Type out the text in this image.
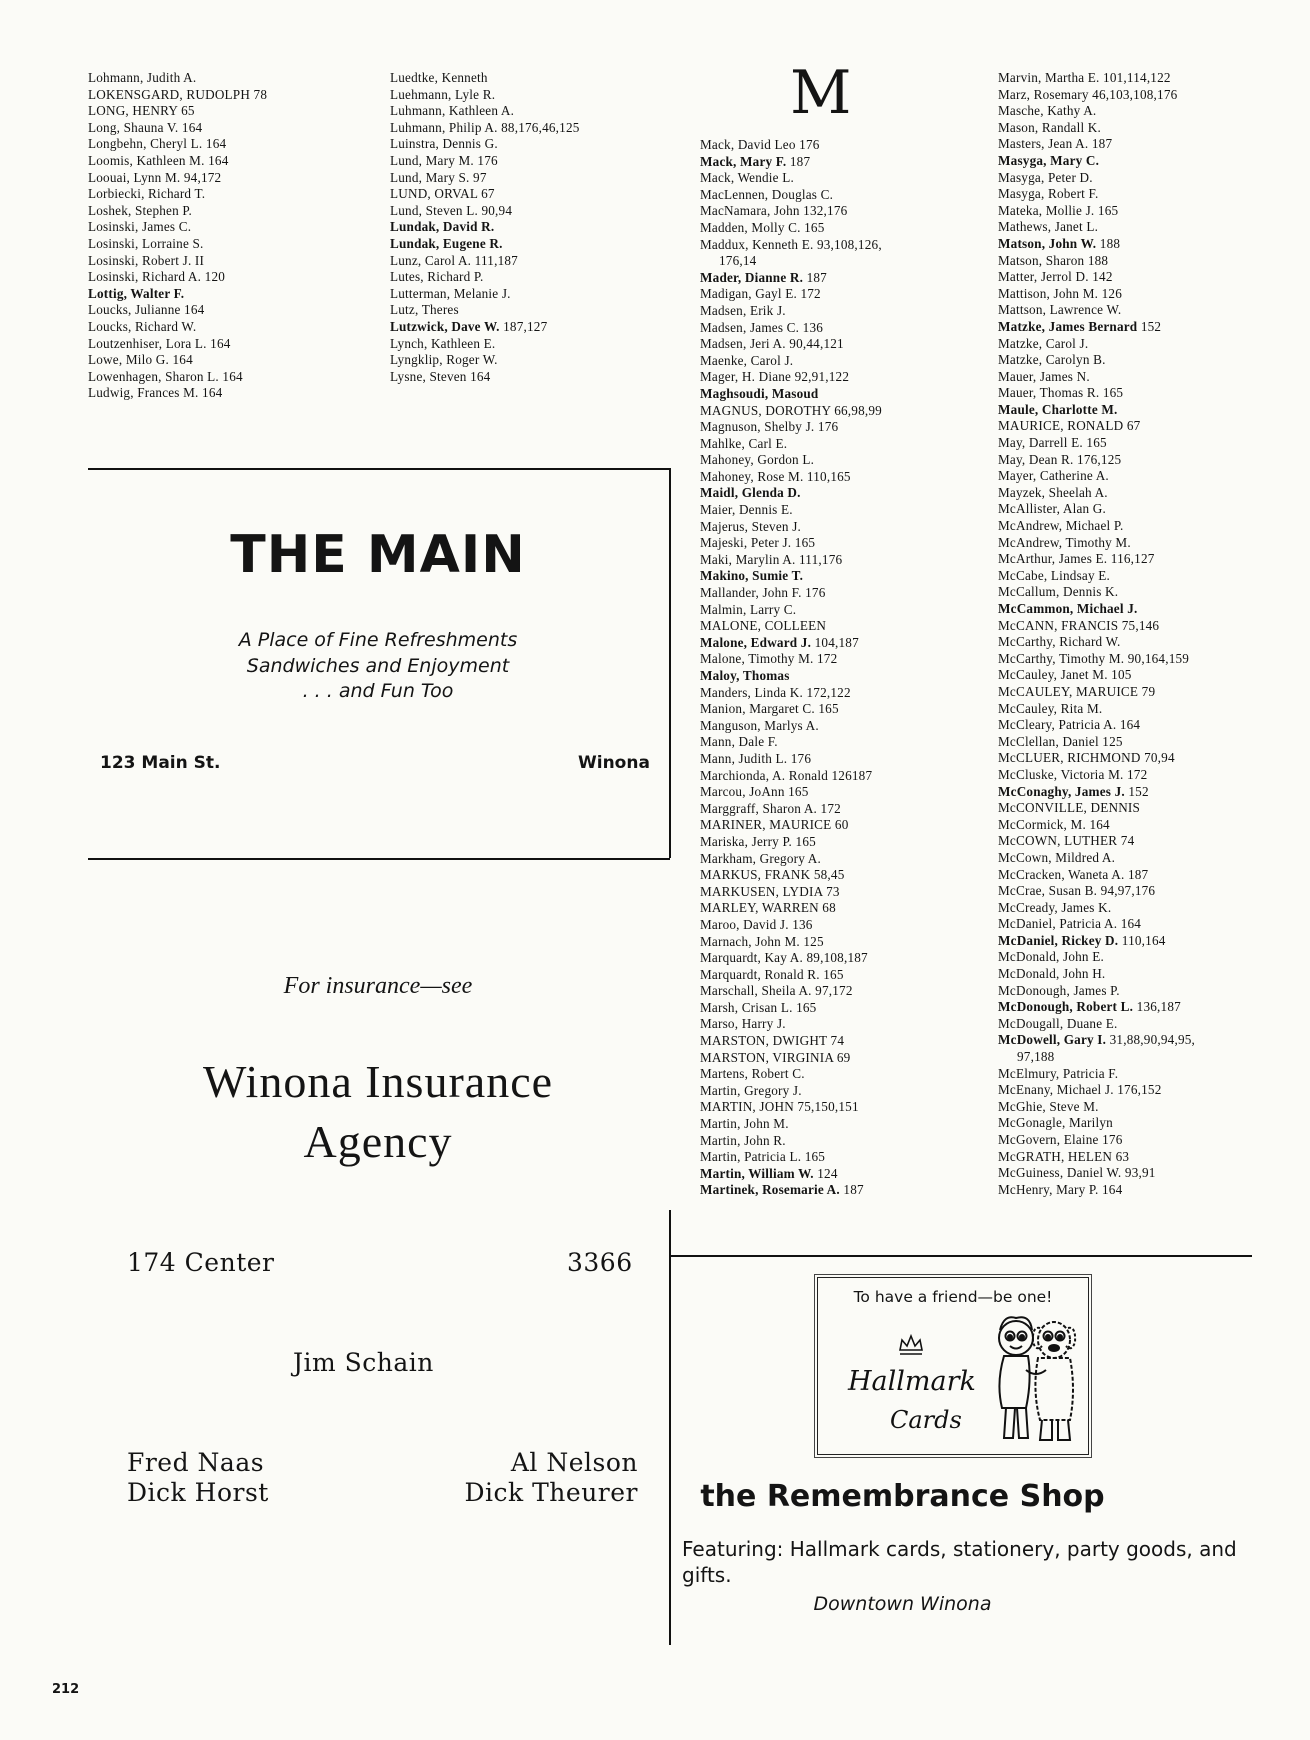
Lohmann, Judith A.
LOKENSGARD, RUDOLPH 78
LONG, HENRY 65
Long, Shauna V. 164
Longbehn, Cheryl L. 164
Loomis, Kathleen M. 164
Loouai, Lynn M. 94,172
Lorbiecki, Richard T.
Loshek, Stephen P.
Losinski, James C.
Losinski, Lorraine S.
Losinski, Robert J. II
Losinski, Richard A. 120
Lottig, Walter F.
Loucks, Julianne 164
Loucks, Richard W.
Loutzenhiser, Lora L. 164
Lowe, Milo G. 164
Lowenhagen, Sharon L. 164
Ludwig, Frances M. 164
Luedtke, Kenneth
Luehmann, Lyle R.
Luhmann, Kathleen A.
Luhmann, Philip A. 88,176,46,125
Luinstra, Dennis G.
Lund, Mary M. 176
Lund, Mary S. 97
LUND, ORVAL 67
Lund, Steven L. 90,94
Lundak, David R.
Lundak, Eugene R.
Lunz, Carol A. 111,187
Lutes, Richard P.
Lutterman, Melanie J.
Lutz, Theres
Lutzwick, Dave W. 187,127
Lynch, Kathleen E.
Lyngklip, Roger W.
Lysne, Steven 164
M
Mack, David Leo 176
Mack, Mary F. 187
Mack, Wendie L.
MacLennen, Douglas C.
MacNamara, John 132,176
Madden, Molly C. 165
Maddux, Kenneth E. 93,108,126,
176,14
Mader, Dianne R. 187
Madigan, Gayl E. 172
Madsen, Erik J.
Madsen, James C. 136
Madsen, Jeri A. 90,44,121
Maenke, Carol J.
Mager, H. Diane 92,91,122
Maghsoudi, Masoud
MAGNUS, DOROTHY 66,98,99
Magnuson, Shelby J. 176
Mahlke, Carl E.
Mahoney, Gordon L.
Mahoney, Rose M. 110,165
Maidl, Glenda D.
Maier, Dennis E.
Majerus, Steven J.
Majeski, Peter J. 165
Maki, Marylin A. 111,176
Makino, Sumie T.
Mallander, John F. 176
Malmin, Larry C.
MALONE, COLLEEN
Malone, Edward J. 104,187
Malone, Timothy M. 172
Maloy, Thomas
Manders, Linda K. 172,122
Manion, Margaret C. 165
Manguson, Marlys A.
Mann, Dale F.
Mann, Judith L. 176
Marchionda, A. Ronald 126187
Marcou, JoAnn 165
Marggraff, Sharon A. 172
MARINER, MAURICE 60
Mariska, Jerry P. 165
Markham, Gregory A.
MARKUS, FRANK 58,45
MARKUSEN, LYDIA 73
MARLEY, WARREN 68
Maroo, David J. 136
Marnach, John M. 125
Marquardt, Kay A. 89,108,187
Marquardt, Ronald R. 165
Marschall, Sheila A. 97,172
Marsh, Crisan L. 165
Marso, Harry J.
MARSTON, DWIGHT 74
MARSTON, VIRGINIA 69
Martens, Robert C.
Martin, Gregory J.
MARTIN, JOHN 75,150,151
Martin, John M.
Martin, John R.
Martin, Patricia L. 165
Martin, William W. 124
Martinek, Rosemarie A. 187
Marvin, Martha E. 101,114,122
Marz, Rosemary 46,103,108,176
Masche, Kathy A.
Mason, Randall K.
Masters, Jean A. 187
Masyga, Mary C.
Masyga, Peter D.
Masyga, Robert F.
Mateka, Mollie J. 165
Mathews, Janet L.
Matson, John W. 188
Matson, Sharon 188
Matter, Jerrol D. 142
Mattison, John M. 126
Mattson, Lawrence W.
Matzke, James Bernard 152
Matzke, Carol J.
Matzke, Carolyn B.
Mauer, James N.
Mauer, Thomas R. 165
Maule, Charlotte M.
MAURICE, RONALD 67
May, Darrell E. 165
May, Dean R. 176,125
Mayer, Catherine A.
Mayzek, Sheelah A.
McAllister, Alan G.
McAndrew, Michael P.
McAndrew, Timothy M.
McArthur, James E. 116,127
McCabe, Lindsay E.
McCallum, Dennis K.
McCammon, Michael J.
McCANN, FRANCIS 75,146
McCarthy, Richard W.
McCarthy, Timothy M. 90,164,159
McCauley, Janet M. 105
McCAULEY, MARUICE 79
McCauley, Rita M.
McCleary, Patricia A. 164
McClellan, Daniel 125
McCLUER, RICHMOND 70,94
McCluske, Victoria M. 172
McConaghy, James J. 152
McCONVILLE, DENNIS
McCormick, M. 164
McCOWN, LUTHER 74
McCown, Mildred A.
McCracken, Waneta A. 187
McCrae, Susan B. 94,97,176
McCready, James K.
McDaniel, Patricia A. 164
McDaniel, Rickey D. 110,164
McDonald, John E.
McDonald, John H.
McDonough, James P.
McDonough, Robert L. 136,187
McDougall, Duane E.
McDowell, Gary I. 31,88,90,94,95,
97,188
McElmury, Patricia F.
McEnany, Michael J. 176,152
McGhie, Steve M.
McGonagle, Marilyn
McGovern, Elaine 176
McGRATH, HELEN 63
McGuiness, Daniel W. 93,91
McHenry, Mary P. 164
THE MAIN
A Place of Fine Refreshments
Sandwiches and Enjoyment
. . . and Fun Too
123 Main St.	Winona
For insurance—see
Winona Insurance
Agency
174 Center	3366
Jim Schain
Fred Naas
Dick Horst
Al Nelson
Dick Theurer
To have a friend—be one!
Hallmark
Cards
the Remembrance Shop
Featuring: Hallmark cards, stationery, party goods, and gifts.
Downtown Winona
212
